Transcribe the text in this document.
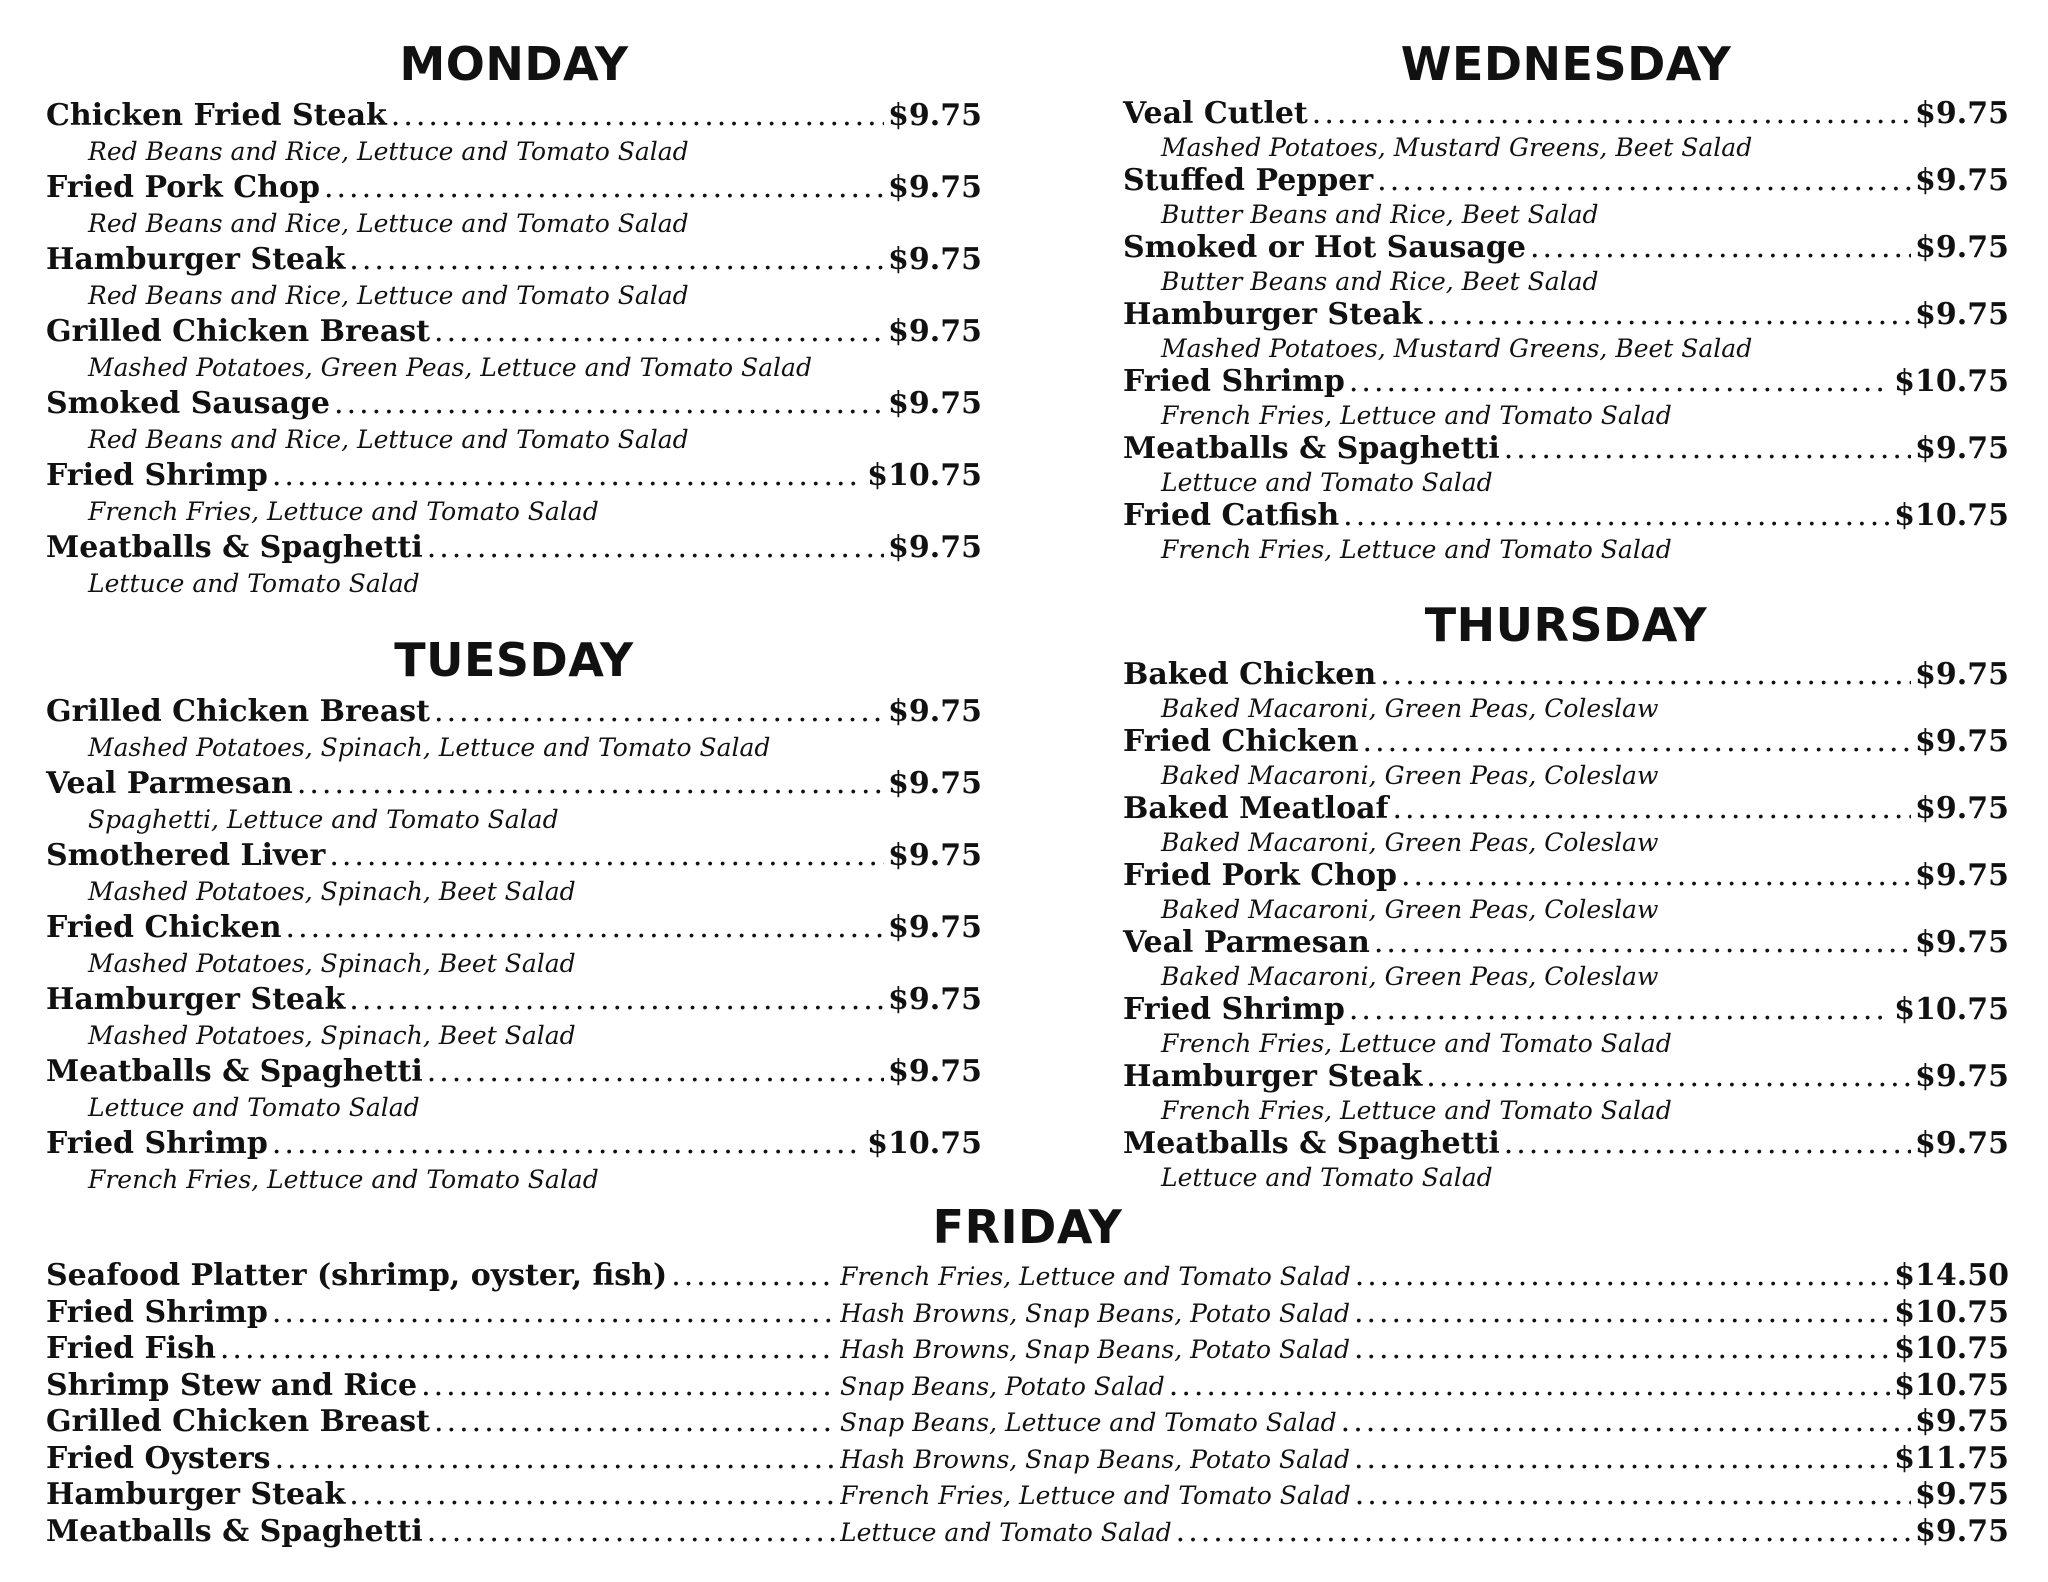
MONDAY
Chicken Fried Steak .....	$9.75
Red Beans and Rice, Lettuce and Tomato Salad
Fried Pork Chop .....	$9.75
Red Beans and Rice, Lettuce and Tomato Salad
Hamburger Steak .....	$9.75
Red Beans and Rice, Lettuce and Tomato Salad
Grilled Chicken Breast .....	$9.75
Mashed Potatoes, Green Peas, Lettuce and Tomato Salad
Smoked Sausage .....	$9.75
Red Beans and Rice, Lettuce and Tomato Salad
Fried Shrimp .....	$10.75
French Fries, Lettuce and Tomato Salad
Meatballs & Spaghetti .....	$9.75
Lettuce and Tomato Salad
TUESDAY
Grilled Chicken Breast .....	$9.75
Mashed Potatoes, Spinach, Lettuce and Tomato Salad
Veal Parmesan .....	$9.75
Spaghetti, Lettuce and Tomato Salad
Smothered Liver .....	$9.75
Mashed Potatoes, Spinach, Beet Salad
Fried Chicken .....	$9.75
Mashed Potatoes, Spinach, Beet Salad
Hamburger Steak .....	$9.75
Mashed Potatoes, Spinach, Beet Salad
Meatballs & Spaghetti .....	$9.75
Lettuce and Tomato Salad
Fried Shrimp .....	$10.75
French Fries, Lettuce and Tomato Salad
WEDNESDAY
Veal Cutlet .....	$9.75
Mashed Potatoes, Mustard Greens, Beet Salad
Stuffed Pepper .....	$9.75
Butter Beans and Rice, Beet Salad
Smoked or Hot Sausage .....	$9.75
Butter Beans and Rice, Beet Salad
Hamburger Steak .....	$9.75
Mashed Potatoes, Mustard Greens, Beet Salad
Fried Shrimp .....	$10.75
French Fries, Lettuce and Tomato Salad
Meatballs & Spaghetti .....	$9.75
Lettuce and Tomato Salad
Fried Catfish .....	$10.75
French Fries, Lettuce and Tomato Salad
THURSDAY
Baked Chicken .....	$9.75
Baked Macaroni, Green Peas, Coleslaw
Fried Chicken .....	$9.75
Baked Macaroni, Green Peas, Coleslaw
Baked Meatloaf .....	$9.75
Baked Macaroni, Green Peas, Coleslaw
Fried Pork Chop .....	$9.75
Baked Macaroni, Green Peas, Coleslaw
Veal Parmesan .....	$9.75
Baked Macaroni, Green Peas, Coleslaw
Fried Shrimp .....	$10.75
French Fries, Lettuce and Tomato Salad
Hamburger Steak .....	$9.75
French Fries, Lettuce and Tomato Salad
Meatballs & Spaghetti .....	$9.75
Lettuce and Tomato Salad
FRIDAY
Seafood Platter (shrimp, oyster, fish) .....	French Fries, Lettuce and Tomato Salad .....	$14.50
Fried Shrimp .....	Hash Browns, Snap Beans, Potato Salad .....	$10.75
Fried Fish .....	Hash Browns, Snap Beans, Potato Salad .....	$10.75
Shrimp Stew and Rice .....	Snap Beans, Potato Salad .....	$10.75
Grilled Chicken Breast .....	Snap Beans, Lettuce and Tomato Salad .....	$9.75
Fried Oysters .....	Hash Browns, Snap Beans, Potato Salad .....	$11.75
Hamburger Steak .....	French Fries, Lettuce and Tomato Salad .....	$9.75
Meatballs & Spaghetti .....	Lettuce and Tomato Salad .....	$9.75
